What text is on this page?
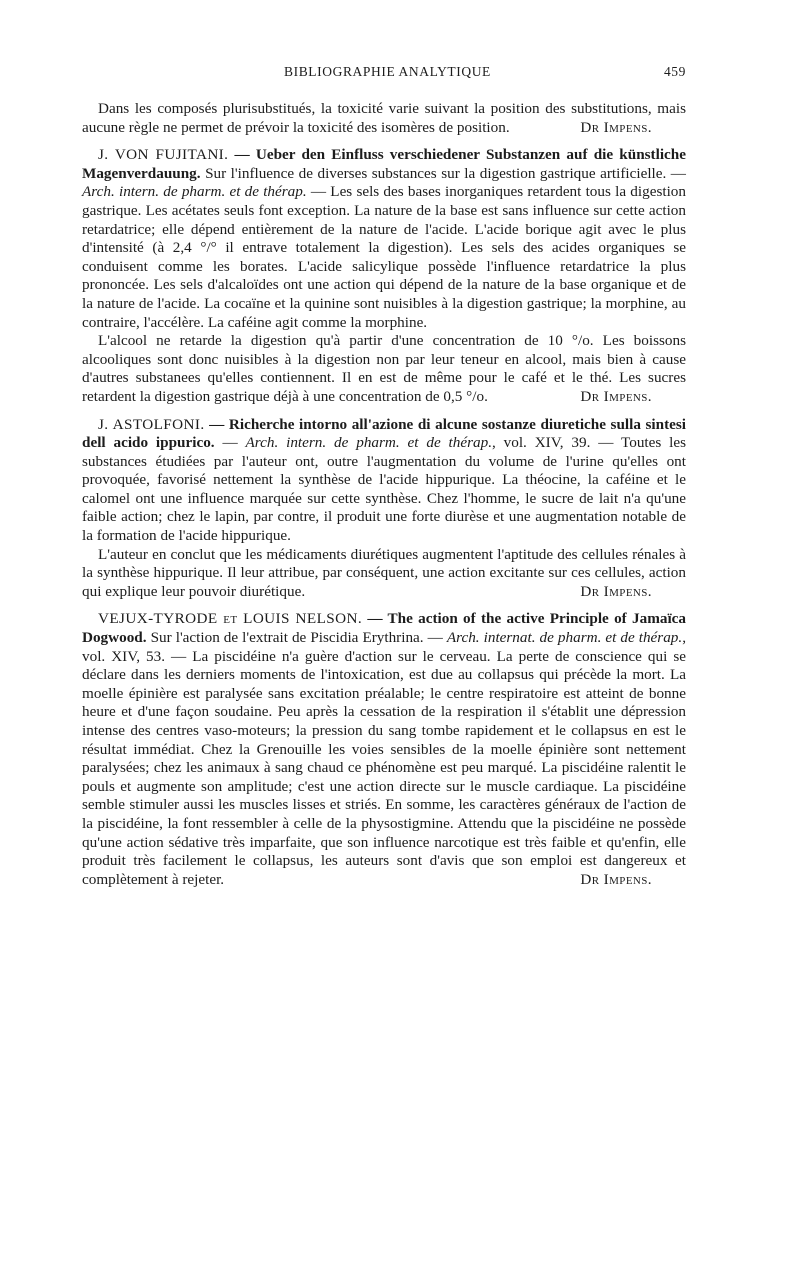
BIBLIOGRAPHIE ANALYTIQUE	459

Dans les composés plurisubstitués, la toxicité varie suivant la position des substitutions, mais aucune règle ne permet de prévoir la toxicité des isomères de position.	Dr Impens.

J. VON FUJITANI. — Ueber den Einfluss verschiedener Substanzen auf die künstliche Magenverdauung. Sur l'influence de diverses substances sur la digestion gastrique artificielle. — Arch. intern. de pharm. et de thérap. — Les sels des bases inorganiques retardent tous la digestion gastrique. Les acétates seuls font exception. La nature de la base est sans influence sur cette action retardatrice; elle dépend entièrement de la nature de l'acide. L'acide borique agit avec le plus d'intensité (à 2,4 °/° il entrave totalement la digestion). Les sels des acides organiques se conduisent comme les borates. L'acide salicylique possède l'influence retardatrice la plus prononcée. Les sels d'alcaloïdes ont une action qui dépend de la nature de la base organique et de la nature de l'acide. La cocaïne et la quinine sont nuisibles à la digestion gastrique; la morphine, au contraire, l'accélère. La caféine agit comme la morphine.

L'alcool ne retarde la digestion qu'à partir d'une concentration de 10 °/o. Les boissons alcooliques sont donc nuisibles à la digestion non par leur teneur en alcool, mais bien à cause d'autres substanees qu'elles contiennent. Il en est de même pour le café et le thé. Les sucres retardent la digestion gastrique déjà à une concentration de 0,5 °/o.	Dr Impens.

J. ASTOLFONI. — Richerche intorno all'azione di alcune sostanze diuretiche sulla sintesi dell acido ippurico. — Arch. intern. de pharm. et de thérap., vol. XIV, 39. — Toutes les substances étudiées par l'auteur ont, outre l'augmentation du volume de l'urine qu'elles ont provoquée, favorisé nettement la synthèse de l'acide hippurique. La théocine, la caféine et le calomel ont une influence marquée sur cette synthèse. Chez l'homme, le sucre de lait n'a qu'une faible action; chez le lapin, par contre, il produit une forte diurèse et une augmentation notable de la formation de l'acide hippurique.

L'auteur en conclut que les médicaments diurétiques augmentent l'aptitude des cellules rénales à la synthèse hippurique. Il leur attribue, par conséquent, une action excitante sur ces cellules, action qui explique leur pouvoir diurétique.	Dr Impens.

VEJUX-TYRODE et LOUIS NELSON. — The action of the active Principle of Jamaïca Dogwood. Sur l'action de l'extrait de Piscidia Erythrina. — Arch. internat. de pharm. et de thérap., vol. XIV, 53. — La piscidéine n'a guère d'action sur le cerveau. La perte de conscience qui se déclare dans les derniers moments de l'intoxication, est due au collapsus qui précède la mort. La moelle épinière est paralysée sans excitation préalable; le centre respiratoire est atteint de bonne heure et d'une façon soudaine. Peu après la cessation de la respiration il s'établit une dépression intense des centres vaso-moteurs; la pression du sang tombe rapidement et le collapsus en est le résultat immédiat. Chez la Grenouille les voies sensibles de la moelle épinière sont nettement paralysées; chez les animaux à sang chaud ce phénomène est peu marqué. La piscidéine ralentit le pouls et augmente son amplitude; c'est une action directe sur le muscle cardiaque. La piscidéine semble stimuler aussi les muscles lisses et striés. En somme, les caractères généraux de l'action de la piscidéine, la font ressembler à celle de la physostigmine. Attendu que la piscidéine ne possède qu'une action sédative très imparfaite, que son influence narcotique est très faible et qu'enfin, elle produit très facilement le collapsus, les auteurs sont d'avis que son emploi est dangereux et complètement à rejeter.	Dr Impens.
